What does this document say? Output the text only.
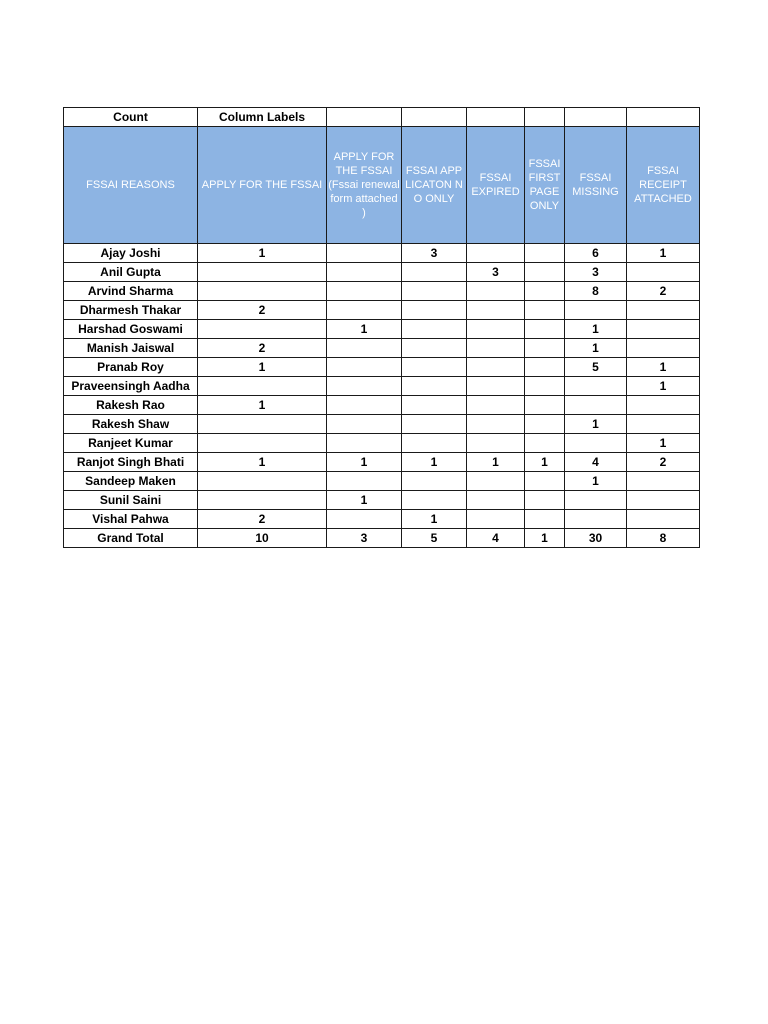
Count	Column Labels						
FSSAI REASONS	APPLY FOR THE FSSAI	APPLY FOR THE FSSAI (Fssai renewal form attached )	FSSAI APPLICATON NO ONLY	FSSAI EXPIRED	FSSAI FIRST PAGE ONLY	FSSAI MISSING	FSSAI RECEIPT ATTACHED
Ajay Joshi	1		3			6	1
Anil Gupta				3		3	
Arvind Sharma						8	2
Dharmesh Thakar	2						
Harshad Goswami		1				1	
Manish Jaiswal	2					1	
Pranab Roy	1					5	1
Praveensingh Aadha							1
Rakesh Rao	1						
Rakesh Shaw						1	
Ranjeet Kumar							1
Ranjot Singh Bhati	1	1	1	1	1	4	2
Sandeep Maken						1	
Sunil Saini		1					
Vishal Pahwa	2		1				
Grand Total	10	3	5	4	1	30	8
